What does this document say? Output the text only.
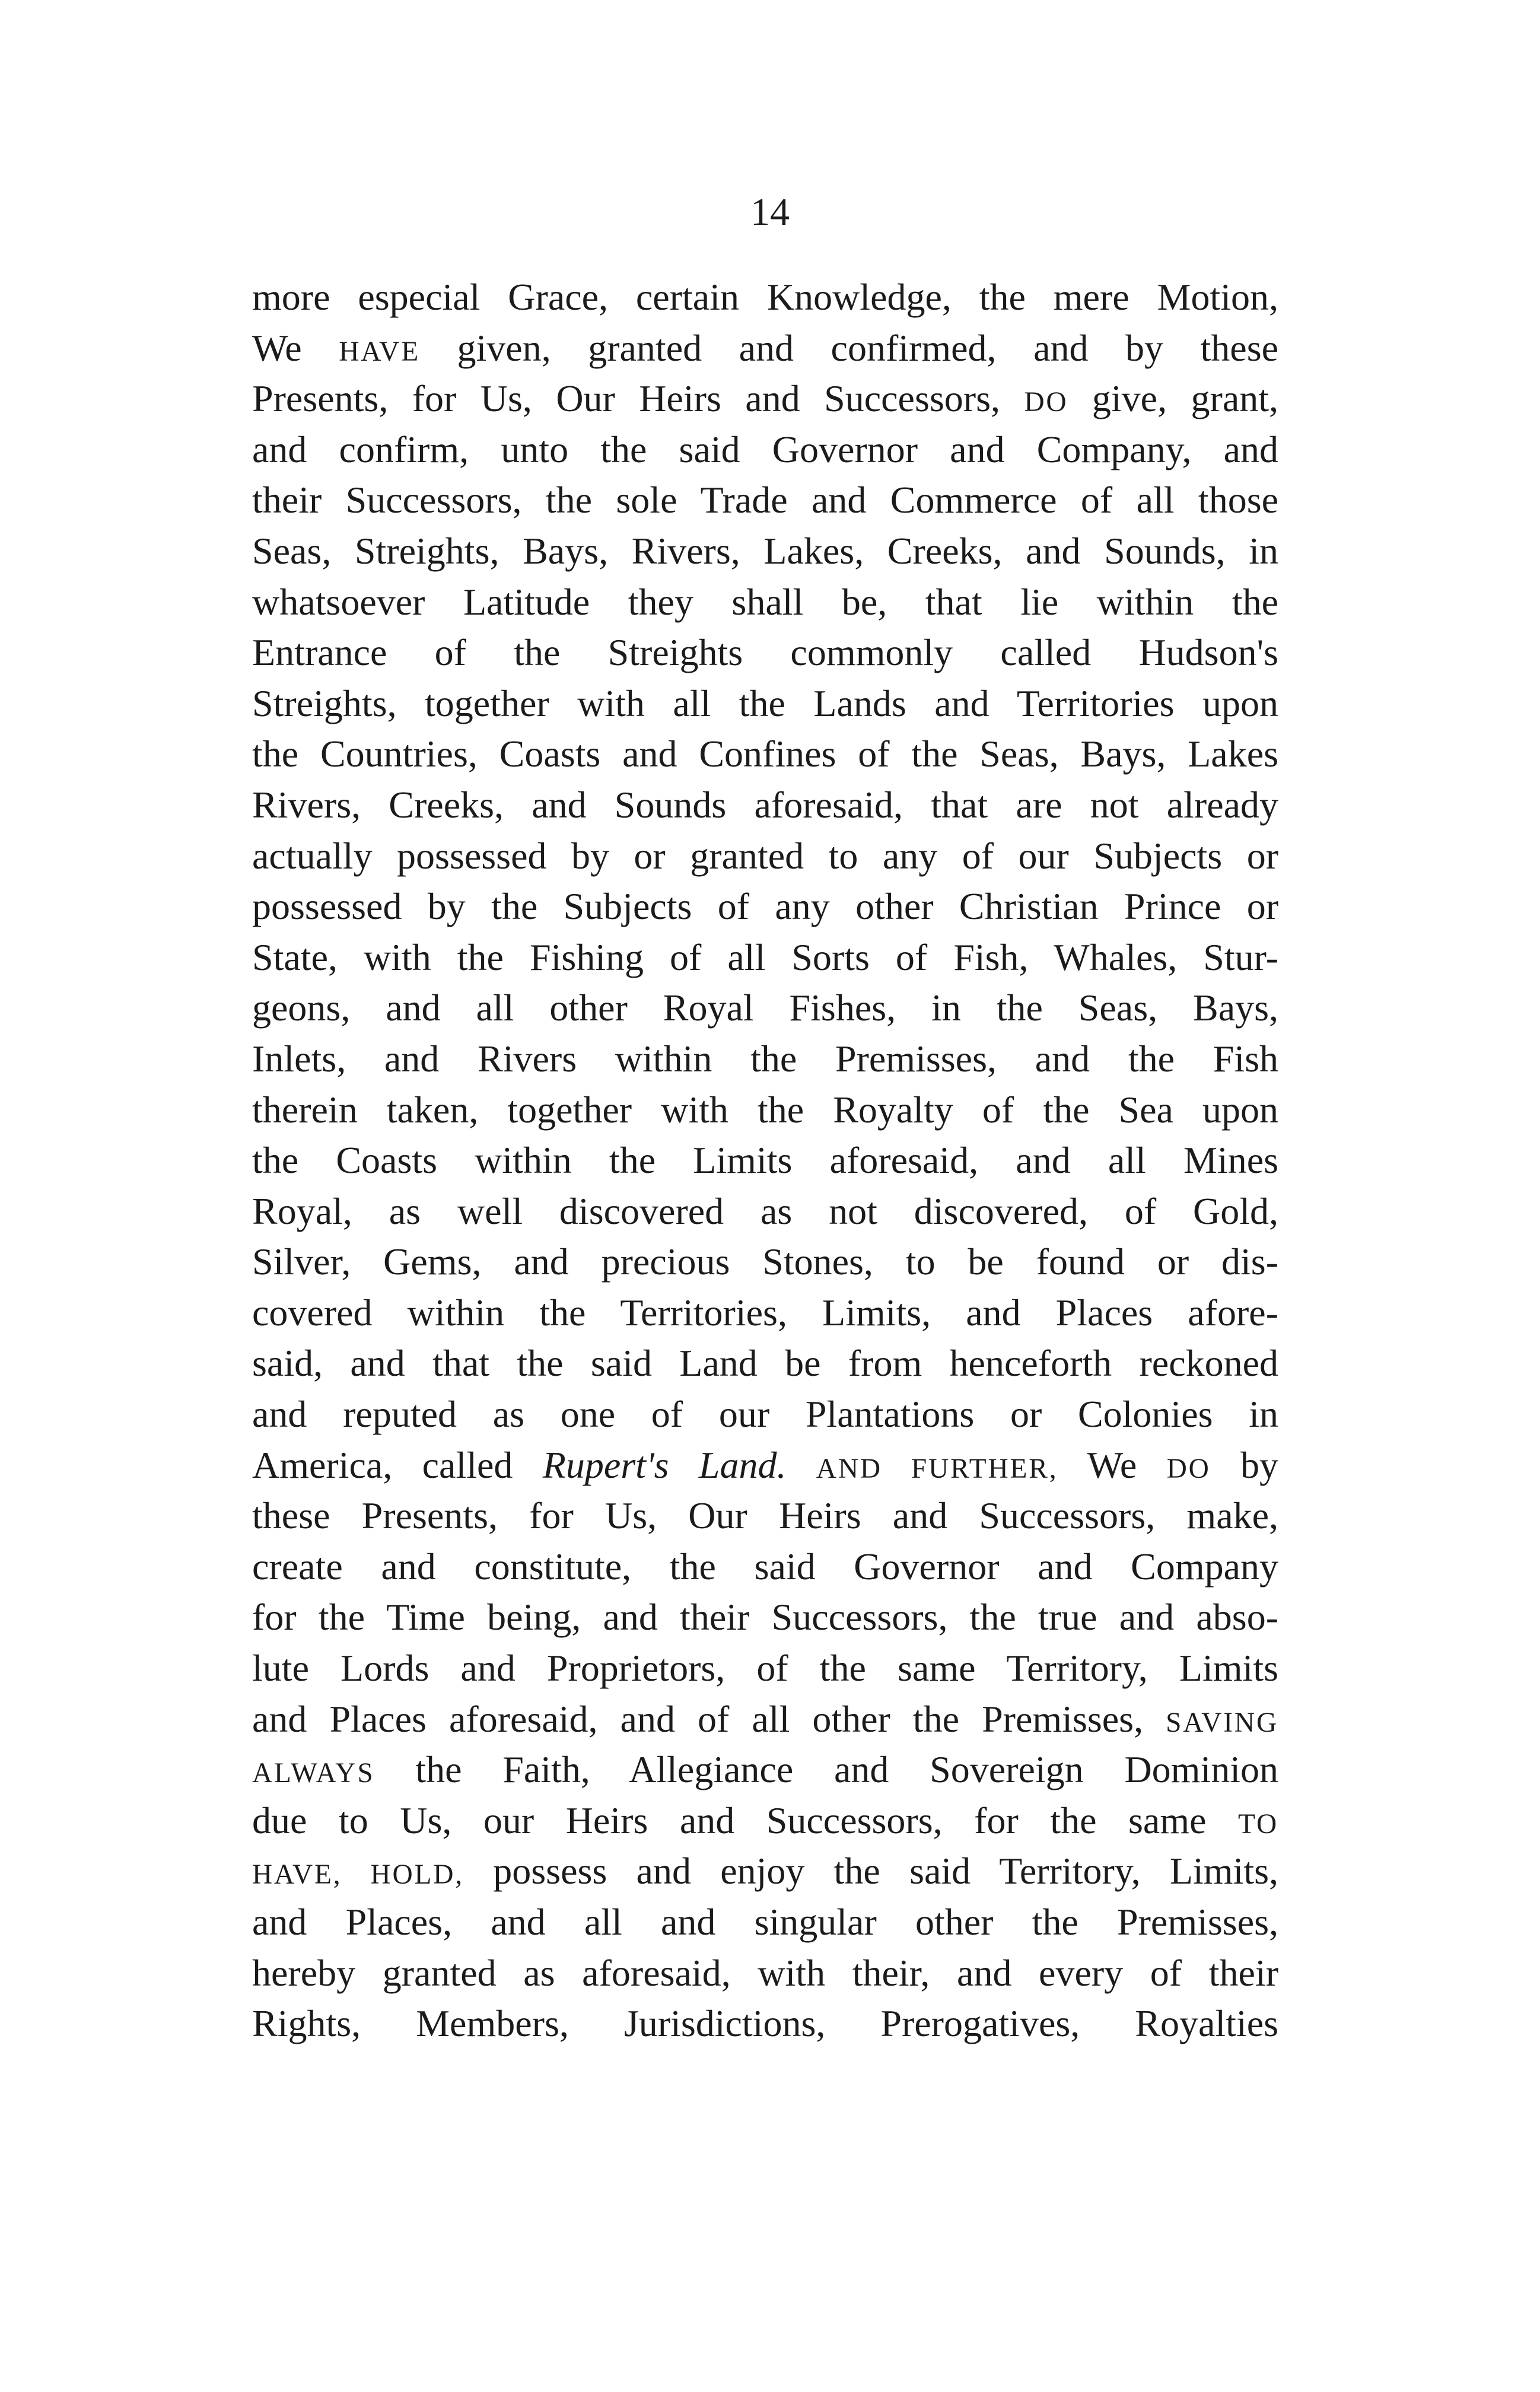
14
more especial Grace, certain Knowledge, the mere Motion,
We HAVE given, granted and confirmed, and by these
Presents, for Us, Our Heirs and Successors, DO give, grant,
and confirm, unto the said Governor and Company, and
their Successors, the sole Trade and Commerce of all those
Seas, Streights, Bays, Rivers, Lakes, Creeks, and Sounds, in
whatsoever Latitude they shall be, that lie within the
Entrance of the Streights commonly called Hudson's
Streights, together with all the Lands and Territories upon
the Countries, Coasts and Confines of the Seas, Bays, Lakes
Rivers, Creeks, and Sounds aforesaid, that are not already
actually possessed by or granted to any of our Subjects or
possessed by the Subjects of any other Christian Prince or
State, with the Fishing of all Sorts of Fish, Whales, Stur-
geons, and all other Royal Fishes, in the Seas, Bays,
Inlets, and Rivers within the Premisses, and the Fish
therein taken, together with the Royalty of the Sea upon
the Coasts within the Limits aforesaid, and all Mines
Royal, as well discovered as not discovered, of Gold,
Silver, Gems, and precious Stones, to be found or dis-
covered within the Territories, Limits, and Places afore-
said, and that the said Land be from henceforth reckoned
and reputed as one of our Plantations or Colonies in
America, called Rupert's Land. AND FURTHER, We DO by
these Presents, for Us, Our Heirs and Successors, make,
create and constitute, the said Governor and Company
for the Time being, and their Successors, the true and abso-
lute Lords and Proprietors, of the same Territory, Limits
and Places aforesaid, and of all other the Premisses, SAVING
ALWAYS the Faith, Allegiance and Sovereign Dominion
due to Us, our Heirs and Successors, for the same TO
HAVE, HOLD, possess and enjoy the said Territory, Limits,
and Places, and all and singular other the Premisses,
hereby granted as aforesaid, with their, and every of their
Rights, Members, Jurisdictions, Prerogatives, Royalties
